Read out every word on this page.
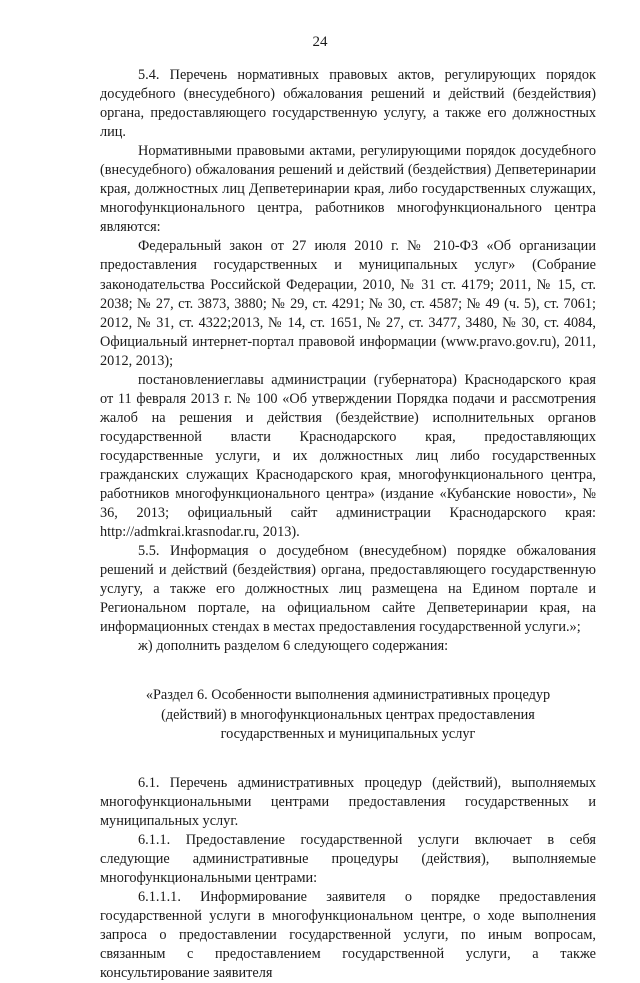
24

5.4. Перечень нормативных правовых актов, регулирующих порядок досудебного (внесудебного) обжалования решений и действий (бездействия) органа, предоставляющего государственную услугу, а также его должностных лиц.

Нормативными правовыми актами, регулирующими порядок досудебного (внесудебного) обжалования решений и действий (бездействия) Депветеринарии края, должностных лиц Депветеринарии края, либо государственных служащих, многофункционального центра, работников многофункционального центра являются:

Федеральный закон от 27 июля 2010 г. № 210-ФЗ «Об организации предоставления государственных и муниципальных услуг» (Собрание законодательства Российской Федерации, 2010, № 31 ст. 4179; 2011, № 15, ст. 2038; № 27, ст. 3873, 3880; № 29, ст. 4291; № 30, ст. 4587; № 49 (ч. 5), ст. 7061; 2012, № 31, ст. 4322;2013, № 14, ст. 1651, № 27, ст. 3477, 3480, № 30, ст. 4084, Официальный интернет-портал правовой информации (www.pravo.gov.ru), 2011, 2012, 2013);

постановлениеглавы администрации (губернатора) Краснодарского края от 11 февраля 2013 г. № 100 «Об утверждении Порядка подачи и рассмотрения жалоб на решения и действия (бездействие) исполнительных органов государственной власти Краснодарского края, предоставляющих государственные услуги, и их должностных лиц либо государственных гражданских служащих Краснодарского края, многофункционального центра, работников многофункционального центра» (издание «Кубанские новости», № 36, 2013; официальный сайт администрации Краснодарского края: http://admkrai.krasnodar.ru, 2013).

5.5. Информация о досудебном (внесудебном) порядке обжалования решений и действий (бездействия) органа, предоставляющего государственную услугу, а также его должностных лиц размещена на Едином портале и Региональном портале, на официальном сайте Депветеринарии края, на информационных стендах в местах предоставления государственной услуги.»;

ж) дополнить разделом 6 следующего содержания:

«Раздел 6. Особенности выполнения административных процедур
(действий) в многофункциональных центрах предоставления
государственных и муниципальных услуг

6.1. Перечень административных процедур (действий), выполняемых многофункциональными центрами предоставления государственных и муниципальных услуг.

6.1.1. Предоставление государственной услуги включает в себя следующие административные процедуры (действия), выполняемые многофункциональными центрами:

6.1.1.1. Информирование заявителя о порядке предоставления государственной услуги в многофункциональном центре, о ходе выполнения запроса о предоставлении государственной услуги, по иным вопросам, связанным с предоставлением государственной услуги, а также консультирование заявителя
